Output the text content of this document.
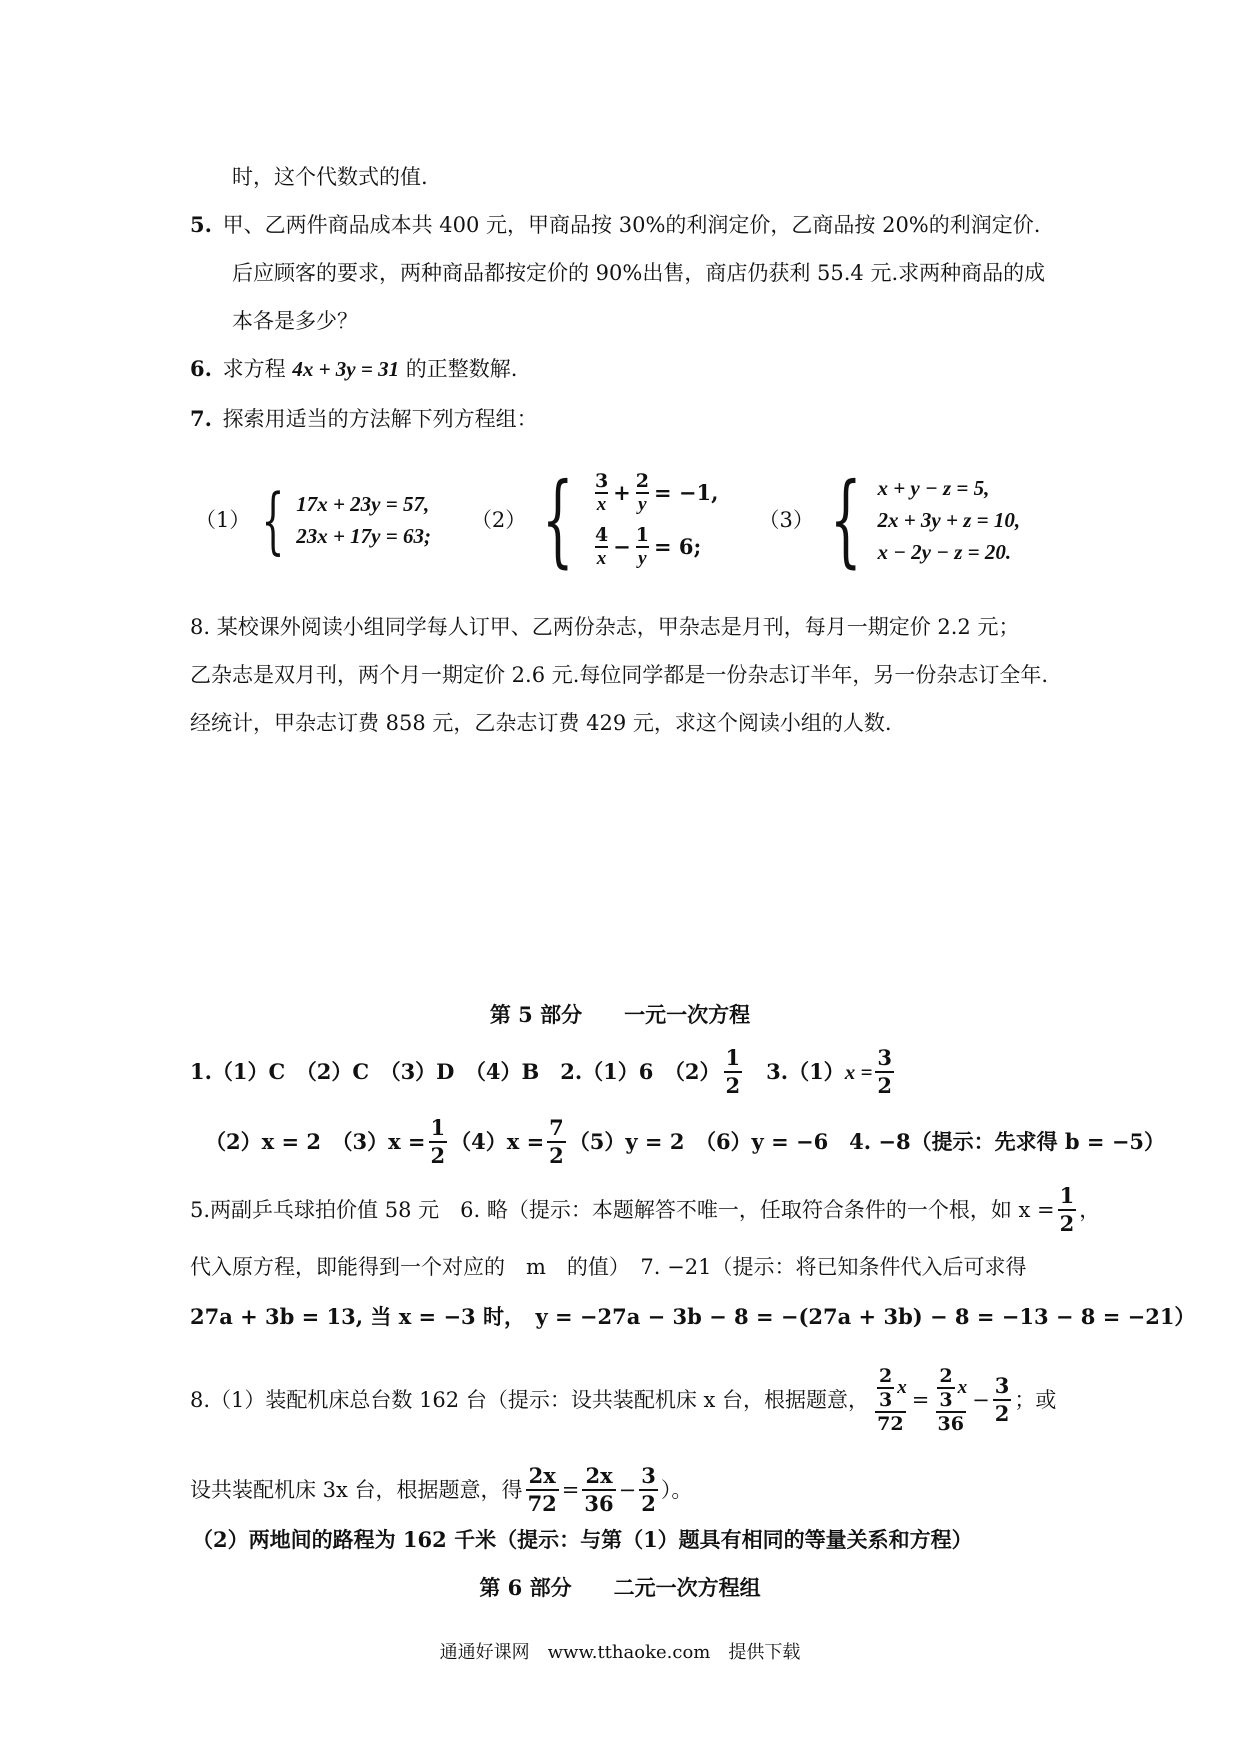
时，这个代数式的值.
5. 甲、乙两件商品成本共 400 元，甲商品按 30%的利润定价，乙商品按 20%的利润定价.
后应顾客的要求，两种商品都按定价的 90%出售，商店仍获利 55.4 元.求两种商品的成
本各是多少？
6. 求方程 4x + 3y = 31 的正整数解.
7. 探索用适当的方法解下列方程组：
（1） { 17x + 23y = 57,
23x + 17y = 63;
（2） { $\frac{3}{x} + \frac{2}{y} = -1$,
$\frac{4}{x} - \frac{1}{y} = 6$;
（3） { x + y − z = 5,
2x + 3y + z = 10,
x − 2y − z = 20.
8. 某校课外阅读小组同学每人订甲、乙两份杂志，甲杂志是月刊，每月一期定价 2.2 元；
乙杂志是双月刊，两个月一期定价 2.6 元.每位同学都是一份杂志订半年，另一份杂志订全年.
经统计，甲杂志订费 858 元，乙杂志订费 429 元，求这个阅读小组的人数.
第 5 部分　　一元一次方程
1.（1）C　（2）C　（3）D　（4）B　2.（1）6　$(2) \frac{1}{2}$ 　3.（1） $x = \frac{3}{2}$
（2）x = 2　$(3)x = \frac{1}{2} (4)x = \frac{7}{2} (5)y = 2$　（6）y = −6　4. −8（提示：先求得 b = −5）
5.两副乒乓球拍价值 58 元　6. 略（提示：本题解答不唯一，任取符合条件的一个根，如 $x = \frac{1}{2}$ ，
代入原方程，即能得到一个对应的　m　的值）　7. −21（提示：将已知条件代入后可求得
27a + 3b = 13, 当 x = −3 时，　y = −27a − 3b − 8 = −(27a + 3b) − 8 = −13 − 8 = −21）
8.（1）装配机床总台数 162 台（提示：设共装配机床 x 台，根据题意， $\frac{\frac{2}{3} x}{72} = \frac{\frac{2}{3} x}{36} - \frac{3}{2}$ ；或
设共装配机床 3x 台，根据题意，得 $\frac{2x}{72} = \frac{2x}{36} - \frac{3}{2}$ ）。
（2）两地间的路程为 162 千米（提示：与第（1）题具有相同的等量关系和方程）
第 6 部分　　二元一次方程组
通通好课网　www.tthaoke.com　提供下载
